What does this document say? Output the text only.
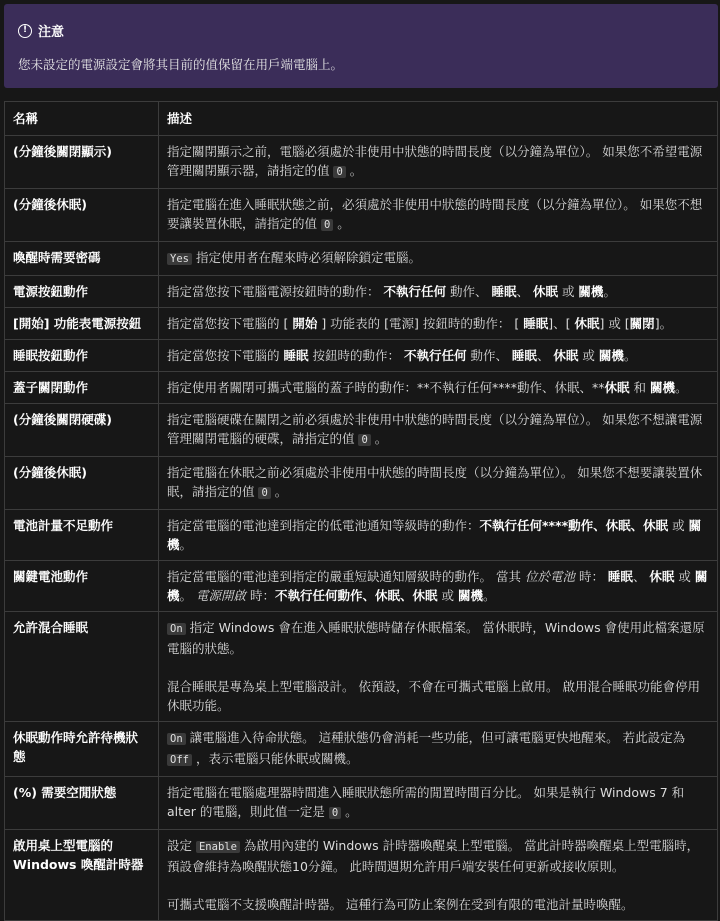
! 注意
您未設定的電源設定會將其目前的值保留在用戶端電腦上。
名稱	描述
(分鐘後關閉顯示)	指定關閉顯示之前，電腦必須處於非使用中狀態的時間長度（以分鐘為單位）。 如果您不希望電源管理關閉顯示器，請指定的值 0 。
(分鐘後休眠)	指定電腦在進入睡眠狀態之前，必須處於非使用中狀態的時間長度（以分鐘為單位）。 如果您不想要讓裝置休眠，請指定的值 0 。
喚醒時需要密碼	Yes 指定使用者在醒來時必須解除鎖定電腦。
電源按鈕動作	指定當您按下電腦電源按鈕時的動作： 不執行任何 動作、 睡眠、 休眠 或 關機。
[開始] 功能表電源按鈕	指定當您按下電腦的 [ 開始 ] 功能表的 [電源] 按鈕時的動作： [ 睡眠]、[ 休眠] 或 [關閉]。
睡眠按鈕動作	指定當您按下電腦的 睡眠 按鈕時的動作： 不執行任何 動作、 睡眠、 休眠 或 關機。
蓋子關閉動作	指定使用者關閉可攜式電腦的蓋子時的動作：**不執行任何****動作、休眠、**休眠 和 關機。
(分鐘後關閉硬碟)	指定電腦硬碟在關閉之前必須處於非使用中狀態的時間長度（以分鐘為單位）。 如果您不想讓電源管理關閉電腦的硬碟，請指定的值 0 。
(分鐘後休眠)	指定電腦在休眠之前必須處於非使用中狀態的時間長度（以分鐘為單位）。 如果您不想要讓裝置休眠，請指定的值 0 。
電池計量不足動作	指定當電腦的電池達到指定的低電池通知等級時的動作：不執行任何****動作、休眠、休眠 或 關機。
關鍵電池動作	指定當電腦的電池達到指定的嚴重短缺通知層級時的動作。 當其 位於電池 時： 睡眠、 休眠 或 關機。 電源開啟 時：不執行任何動作、休眠、休眠 或 關機。
允許混合睡眠	On 指定 Windows 會在進入睡眠狀態時儲存休眠檔案。 當休眠時，Windows 會使用此檔案還原電腦的狀態。
混合睡眠是專為桌上型電腦設計。 依預設，不會在可攜式電腦上啟用。 啟用混合睡眠功能會停用休眠功能。

休眠動作時允許待機狀態	On 讓電腦進入待命狀態。 這種狀態仍會消耗一些功能，但可讓電腦更快地醒來。 若此設定為 Off ，表示電腦只能休眠或關機。
(%) 需要空閒狀態	指定電腦在電腦處理器時間進入睡眠狀態所需的閒置時間百分比。 如果是執行 Windows 7 和 alter 的電腦，則此值一定是 0 。
啟用桌上型電腦的 Windows 喚醒計時器	設定 Enable 為啟用內建的 Windows 計時器喚醒桌上型電腦。 當此計時器喚醒桌上型電腦時，預設會維持為喚醒狀態10分鐘。 此時間週期允許用戶端安裝任何更新或接收原則。
可攜式電腦不支援喚醒計時器。 這種行為可防止案例在受到有限的電池計量時喚醒。
